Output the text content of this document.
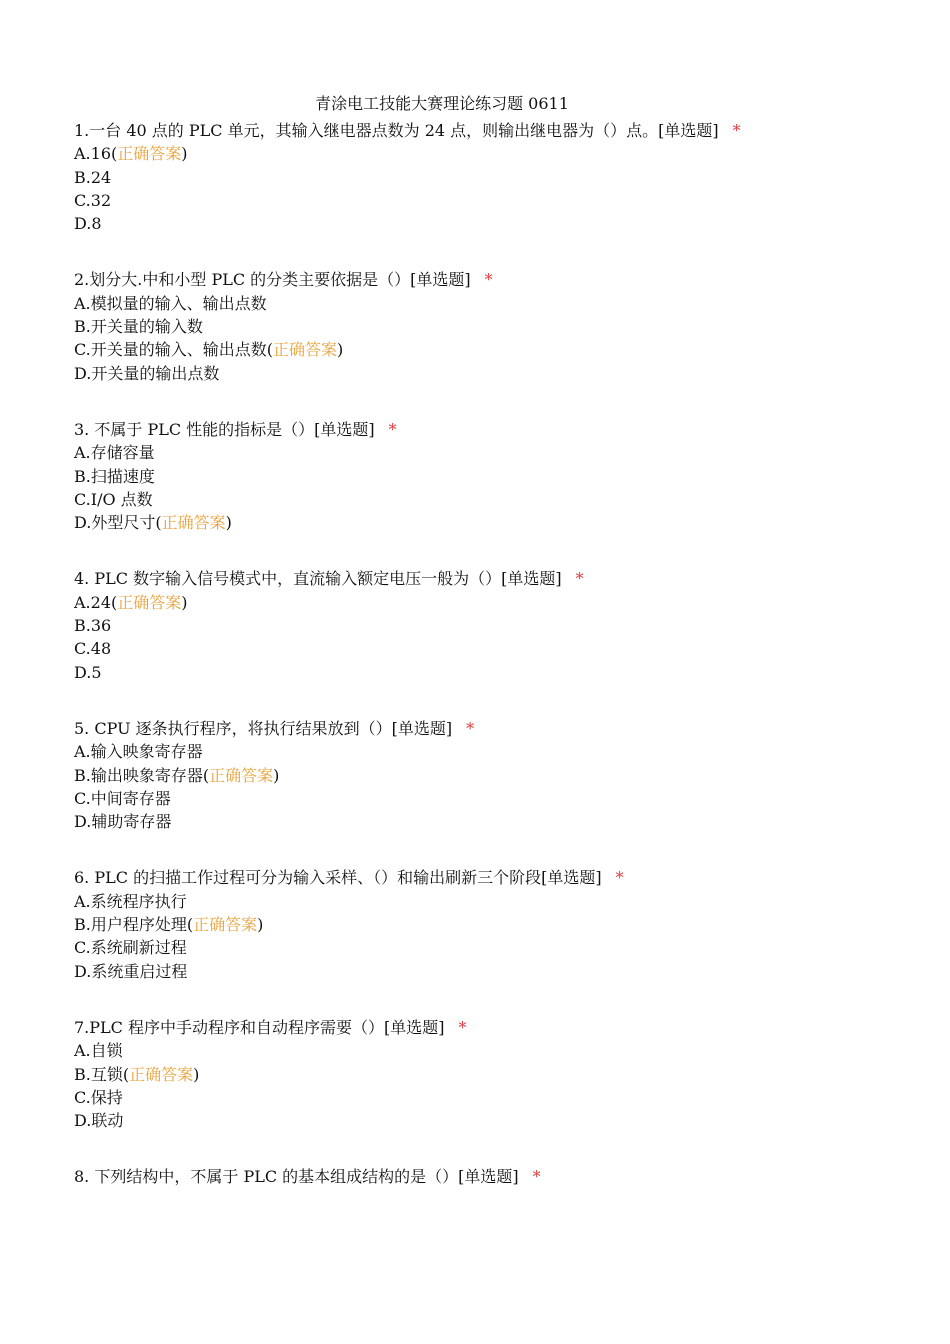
青涂电工技能大赛理论练习题 0611
1.一台 40 点的 PLC 单元，其输入继电器点数为 24 点，则输出继电器为（）点。[单选题] *
A.16(正确答案)
B.24
C.32
D.8
2.划分大.中和小型 PLC 的分类主要依据是（）[单选题] *
A.模拟量的输入、输出点数
B.开关量的输入数
C.开关量的输入、输出点数(正确答案)
D.开关量的输出点数
3. 不属于 PLC 性能的指标是（）[单选题] *
A.存储容量
B.扫描速度
C.I/O 点数
D.外型尺寸(正确答案)
4. PLC 数字输入信号模式中，直流输入额定电压一般为（）[单选题] *
A.24(正确答案)
B.36
C.48
D.5
5. CPU 逐条执行程序，将执行结果放到（）[单选题] *
A.输入映象寄存器
B.输出映象寄存器(正确答案)
C.中间寄存器
D.辅助寄存器
6. PLC 的扫描工作过程可分为输入采样、（）和输出刷新三个阶段[单选题] *
A.系统程序执行
B.用户程序处理(正确答案)
C.系统刷新过程
D.系统重启过程
7.PLC 程序中手动程序和自动程序需要（）[单选题] *
A.自锁
B.互锁(正确答案)
C.保持
D.联动
8. 下列结构中，不属于 PLC 的基本组成结构的是（）[单选题] *
